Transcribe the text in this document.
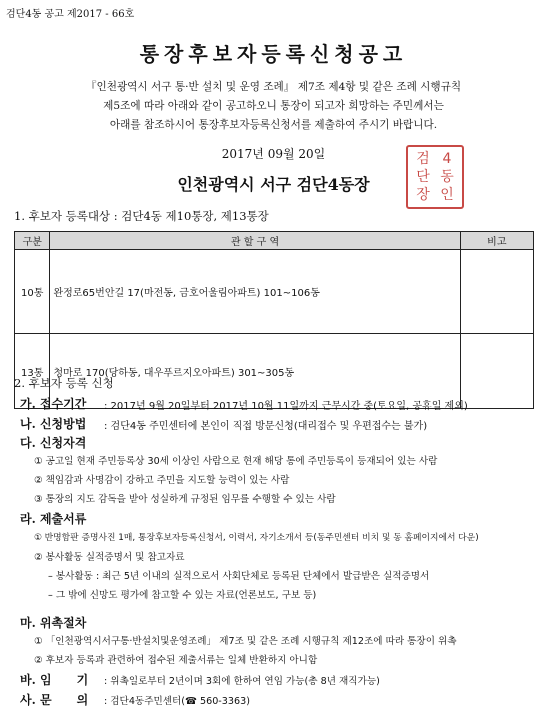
검단4동 공고 제2017 - 66호
통장후보자등록신청공고
『인천광역시 서구 통·반 설치 및 운영 조례』 제7조 제4항 및 같은 조례 시행규칙
제5조에 따라 아래와 같이 공고하오니 통장이 되고자 희망하는 주민께서는
아래를 참조하시어 통장후보자등록신청서를 제출하여 주시기 바랍니다.
2017년 09월 20일
인천광역시 서구 검단4동장
검 4
단 동
장 인
1. 후보자 등록대상 : 검단4동 제10통장, 제13통장
구분	관 할 구 역	비고
10통	완정로65번안길 17(마전동, 금호어울림아파트) 101~106동	
13통	청마로 170(당하동, 대우푸르지오아파트) 301~305동	
2. 후보자 등록 신청
가. 접수기간 : 2017년 9월 20일부터 2017년 10월 11일까지 근무시간 중(토요일, 공휴일 제외)
나. 신청방법 : 검단4동 주민센터에 본인이 직접 방문신청(대리접수 및 우편접수는 불가)
다. 신청자격
① 공고일 현재 주민등록상 30세 이상인 사람으로 현재 해당 통에 주민등록이 등재되어 있는 사람
② 책임감과 사명감이 강하고 주민을 지도할 능력이 있는 사람
③ 통장의 지도 감독을 받아 성실하게 규정된 임무를 수행할 수 있는 사람
라. 제출서류
① 반명함판 증명사진 1매, 통장후보자등록신청서, 이력서, 자기소개서 등(동주민센터 비치 및 동 홈페이지에서 다운)
② 봉사활동 실적증명서 및 참고자료
– 봉사활동 : 최근 5년 이내의 실적으로서 사회단체로 등록된 단체에서 발급받은 실적증명서
– 그 밖에 신망도 평가에 참고할 수 있는 자료(언론보도, 구보 등)
마. 위촉절차
① 「인천광역시서구통·반설치및운영조례」 제7조 및 같은 조례 시행규칙 제12조에 따라 통장이 위촉
② 후보자 등록과 관련하여 접수된 제출서류는 일체 반환하지 아니함
바. 임      기 : 위촉일로부터 2년이며 3회에 한하여 연임 가능(총 8년 재직가능)
사. 문      의 : 검단4동주민센터(☎ 560-3363)
